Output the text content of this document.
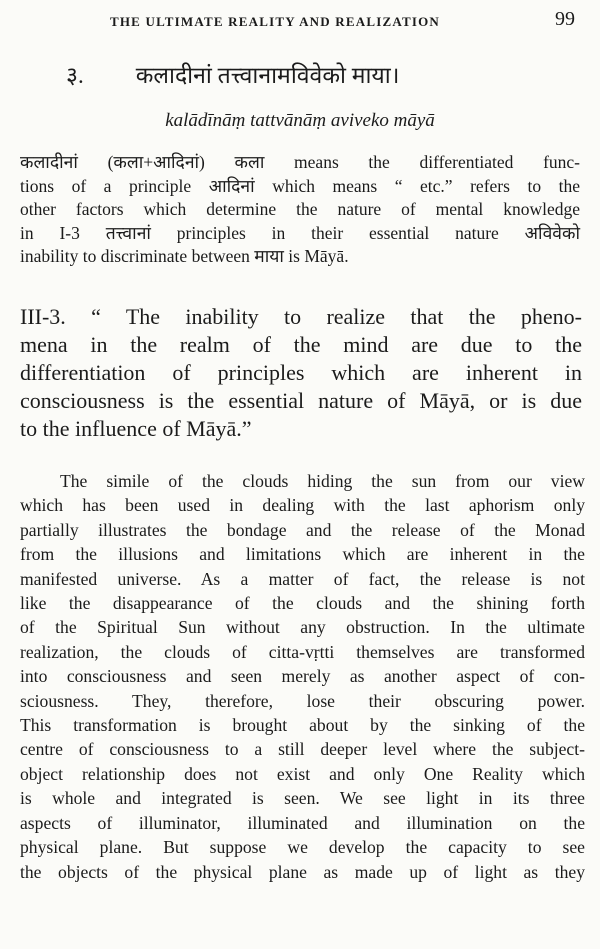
THE ULTIMATE REALITY AND REALIZATION	99
३. कलादीनां तत्त्वानामविवेको माया।
kalādīnāṃ tattvānāṃ aviveko māyā
कलादीनां (कला+आदिनां) कला means the differentiated func-
tions of a principle आदिनां which means “ etc.” refers to the
other factors which determine the nature of mental knowledge
in I-3 तत्त्वानां principles in their essential nature अविवेको
inability to discriminate between माया is Māyā.
III-3. “ The inability to realize that the pheno-
mena in the realm of the mind are due to the
differentiation of principles which are inherent in
consciousness is the essential nature of Māyā, or is due
to the influence of Māyā.”
The simile of the clouds hiding the sun from our view
which has been used in dealing with the last aphorism only
partially illustrates the bondage and the release of the Monad
from the illusions and limitations which are inherent in the
manifested universe. As a matter of fact, the release is not
like the disappearance of the clouds and the shining forth
of the Spiritual Sun without any obstruction. In the ultimate
realization, the clouds of citta-vṛtti themselves are transformed
into consciousness and seen merely as another aspect of con-
sciousness. They, therefore, lose their obscuring power.
This transformation is brought about by the sinking of the
centre of consciousness to a still deeper level where the subject-
object relationship does not exist and only One Reality which
is whole and integrated is seen. We see light in its three
aspects of illuminator, illuminated and illumination on the
physical plane. But suppose we develop the capacity to see
the objects of the physical plane as made up of light as they
